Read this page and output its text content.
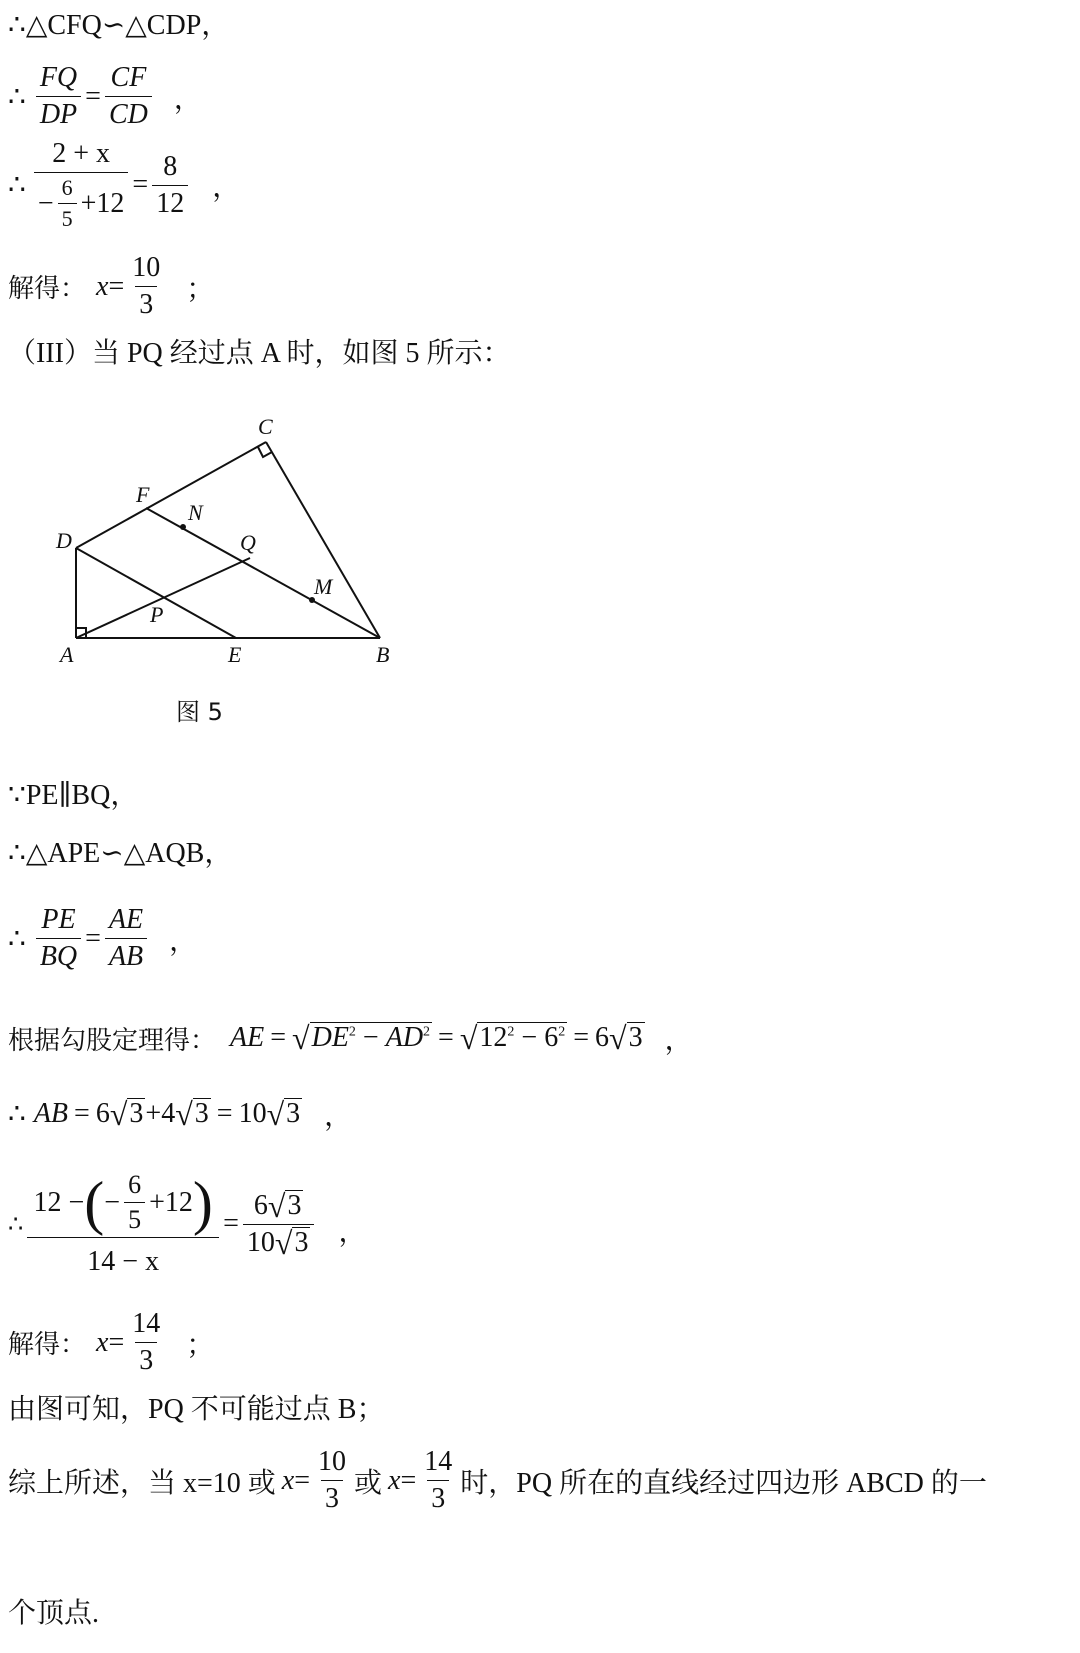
∴△CFQ∽△CDP，
∴ $\frac{FQ}{DP} = \frac{CF}{CD}$ ，
∴ $\frac{2 + x}{- \frac{6}{5} +12} = \frac{8}{12}$ ，
解得： $x = \frac{10}{3}$ ；
（III）当 PQ 经过点 A 时，如图 5 所示：
A	B
C
D
E
F
N
Q
P
M
图 5
∵PE∥BQ，
∴△APE∽△AQB，
∴ $\frac{PE}{BQ} = \frac{AE}{AB}$ ，
根据勾股定理得： AE = √ $DE^2 - AD^2$ = √ $12^2 - 6^2 = 6$ √ 3 ，
∴ AB = 6 √ 3 + 4 √ 3 = 10 √ 3 ，
∴
12 − ( − $\frac{6}{5} +12$ )
14 − x
= $\frac{6 √ 3}{10 √ 3}$ ，
解得： $x = \frac{14}{3}$ ；
由图可知，PQ 不可能过点 B；
综上所述，当 x=10 或 $x = \frac{10}{3}$ 或 $x = \frac{14}{3}$ 时，PQ 所在的直线经过四边形 ABCD 的一
个顶点.
